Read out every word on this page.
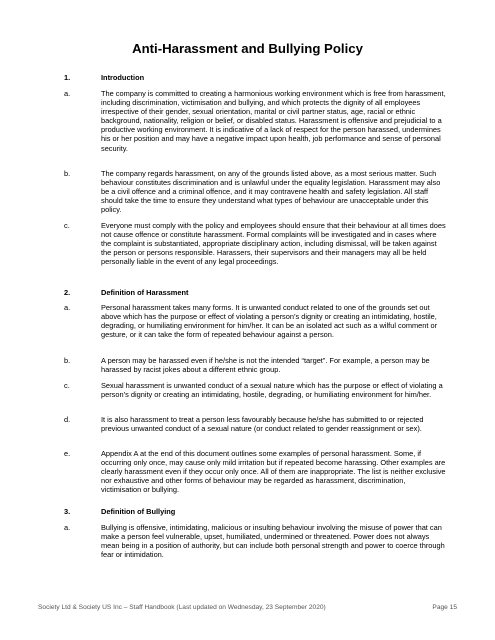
Anti-Harassment and Bullying Policy
1.	Introduction
a.	The company is committed to creating a harmonious working environment which is free from harassment, including discrimination, victimisation and bullying, and which protects the dignity of all employees irrespective of their gender, sexual orientation, marital or civil partner status, age, racial or ethnic background, nationality, religion or belief, or disabled status. Harassment is offensive and prejudicial to a productive working environment. It is indicative of a lack of respect for the person harassed, undermines his or her position and may have a negative impact upon health, job performance and sense of personal security.
b.	The company regards harassment, on any of the grounds listed above, as a most serious matter. Such behaviour constitutes discrimination and is unlawful under the equality legislation. Harassment may also be a civil offence and a criminal offence, and it may contravene health and safety legislation. All staff should take the time to ensure they understand what types of behaviour are unacceptable under this policy.
c.	Everyone must comply with the policy and employees should ensure that their behaviour at all times does not cause offence or constitute harassment. Formal complaints will be investigated and in cases where the complaint is substantiated, appropriate disciplinary action, including dismissal, will be taken against the person or persons responsible. Harassers, their supervisors and their managers may all be held personally liable in the event of any legal proceedings.
2.	Definition of Harassment
a.	Personal harassment takes many forms. It is unwanted conduct related to one of the grounds set out above which has the purpose or effect of violating a person’s dignity or creating an intimidating, hostile, degrading, or humiliating environment for him/her. It can be an isolated act such as a wilful comment or gesture, or it can take the form of repeated behaviour against a person.
b.	A person may be harassed even if he/she is not the intended “target”. For example, a person may be harassed by racist jokes about a different ethnic group.
c.	Sexual harassment is unwanted conduct of a sexual nature which has the purpose or effect of violating a person’s dignity or creating an intimidating, hostile, degrading, or humiliating environment for him/her.
d.	It is also harassment to treat a person less favourably because he/she has submitted to or rejected previous unwanted conduct of a sexual nature (or conduct related to gender reassignment or sex).
e.	Appendix A at the end of this document outlines some examples of personal harassment. Some, if occurring only once, may cause only mild irritation but if repeated become harassing. Other examples are clearly harassment even if they occur only once. All of them are inappropriate. The list is neither exclusive nor exhaustive and other forms of behaviour may be regarded as harassment, discrimination, victimisation or bullying.
3.	Definition of Bullying
a.	Bullying is offensive, intimidating, malicious or insulting behaviour involving the misuse of power that can make a person feel vulnerable, upset, humiliated, undermined or threatened. Power does not always mean being in a position of authority, but can include both personal strength and power to coerce through fear or intimidation.
Society Ltd & Society US Inc – Staff Handbook (Last updated on Wednesday, 23 September 2020)	Page 15
